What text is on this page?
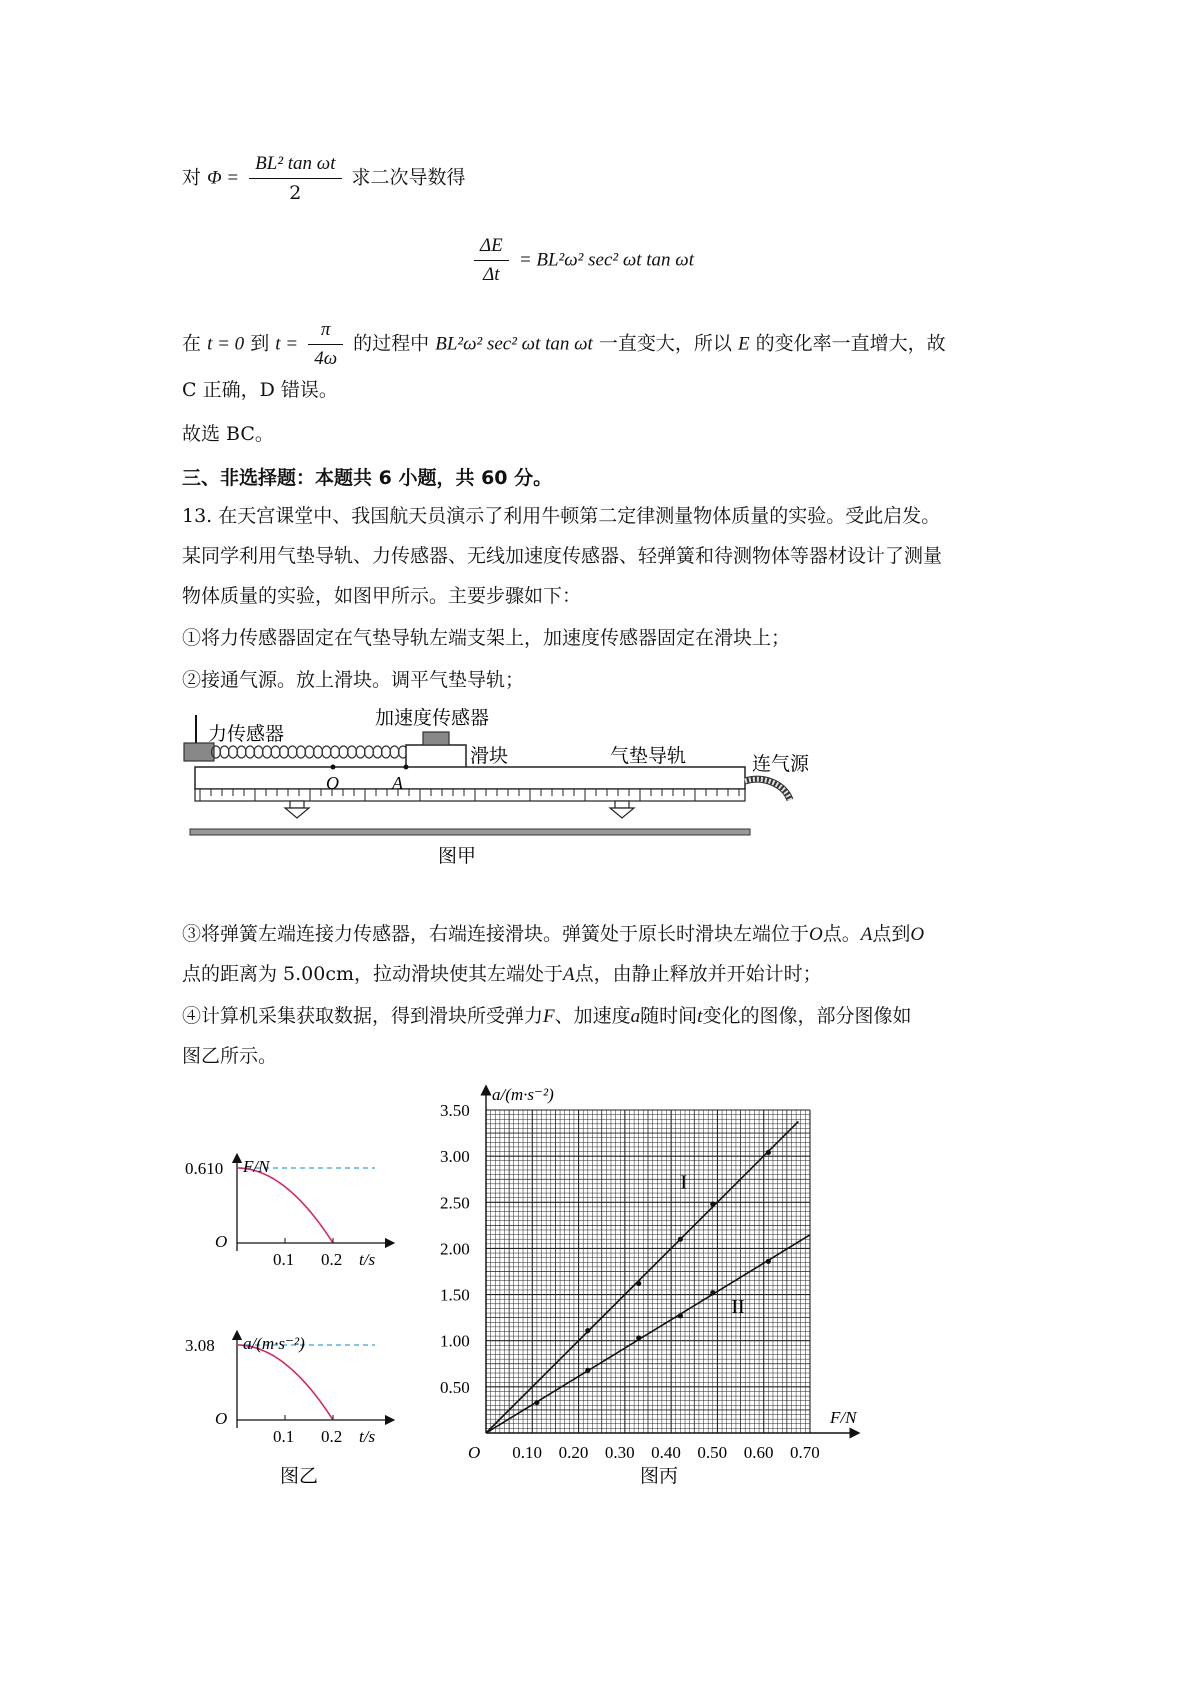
对 $\Phi = \frac{\text{BL² tan ωt}}{2}$ 求二次导数得
$\frac{\Delta E}{\Delta t} = BL^2\omega^2$ sec² ωt tan ωt
在 t = 0 到 $t = \frac{\pi}{4\omega}$ 的过程中 BL²ω² sec² ωt tan ωt 一直变大，所以 E 的变化率一直增大，故
C 正确，D 错误。
故选 BC。
三、非选择题：本题共 6 小题，共 60 分。
13. 在天宫课堂中、我国航天员演示了利用牛顿第二定律测量物体质量的实验。受此启发。
某同学利用气垫导轨、力传感器、无线加速度传感器、轻弹簧和待测物体等器材设计了测量
物体质量的实验，如图甲所示。主要步骤如下：
①将力传感器固定在气垫导轨左端支架上，加速度传感器固定在滑块上；
②接通气源。放上滑块。调平气垫导轨；
力传感器
加速度传感器
滑块	气垫导轨	连气源
O	A
图甲
③将弹簧左端连接力传感器，右端连接滑块。弹簧处于原长时滑块左端位于O点。A点到O
点的距离为 5.00cm，拉动滑块使其左端处于A点，由静止释放并开始计时；
④计算机采集获取数据，得到滑块所受弹力F、加速度a随时间t变化的图像，部分图像如
图乙所示。
0.1 0.2 t/s
O
0.610 F/N
0.1 0.2 t/s
O
3.08 a/(m·s⁻²)
图乙
0.10 0.20 0.30 0.40 0.50 0.60 0.70
0.50
1.00
1.50
2.00
2.50
3.00
3.50
O
F/N
a/(m·s⁻²)
I
II
图丙
